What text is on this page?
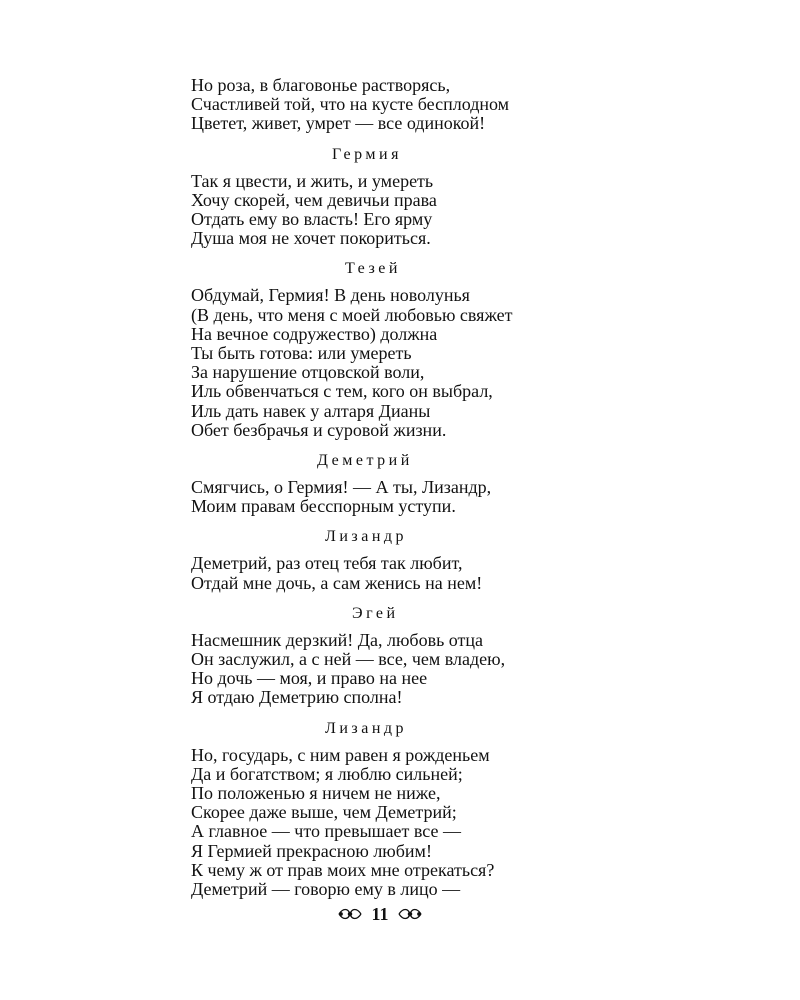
Но роза, в благовонье растворясь,
Счастливей той, что на кусте бесплодном
Цветет, живет, умрет — все одинокой!
Гермия
Так я цвести, и жить, и умереть
Хочу скорей, чем девичьи права
Отдать ему во власть! Его ярму
Душа моя не хочет покориться.
Тезей
Обдумай, Гермия! В день новолунья
(В день, что меня с моей любовью свяжет
На вечное содружество) должна
Ты быть готова: или умереть
За нарушение отцовской воли,
Иль обвенчаться с тем, кого он выбрал,
Иль дать навек у алтаря Дианы
Обет безбрачья и суровой жизни.
Деметрий
Смягчись, о Гермия! — А ты, Лизандр,
Моим правам бесспорным уступи.
Лизандр
Деметрий, раз отец тебя так любит,
Отдай мне дочь, а сам женись на нем!
Эгей
Насмешник дерзкий! Да, любовь отца
Он заслужил, а с ней — все, чем владею,
Но дочь — моя, и право на нее
Я отдаю Деметрию сполна!
Лизандр
Но, государь, с ним равен я рожденьем
Да и богатством; я люблю сильней;
По положенью я ничем не ниже,
Скорее даже выше, чем Деметрий;
А главное — что превышает все —
Я Гермией прекрасною любим!
К чему ж от прав моих мне отрекаться?
Деметрий — говорю ему в лицо —
11
